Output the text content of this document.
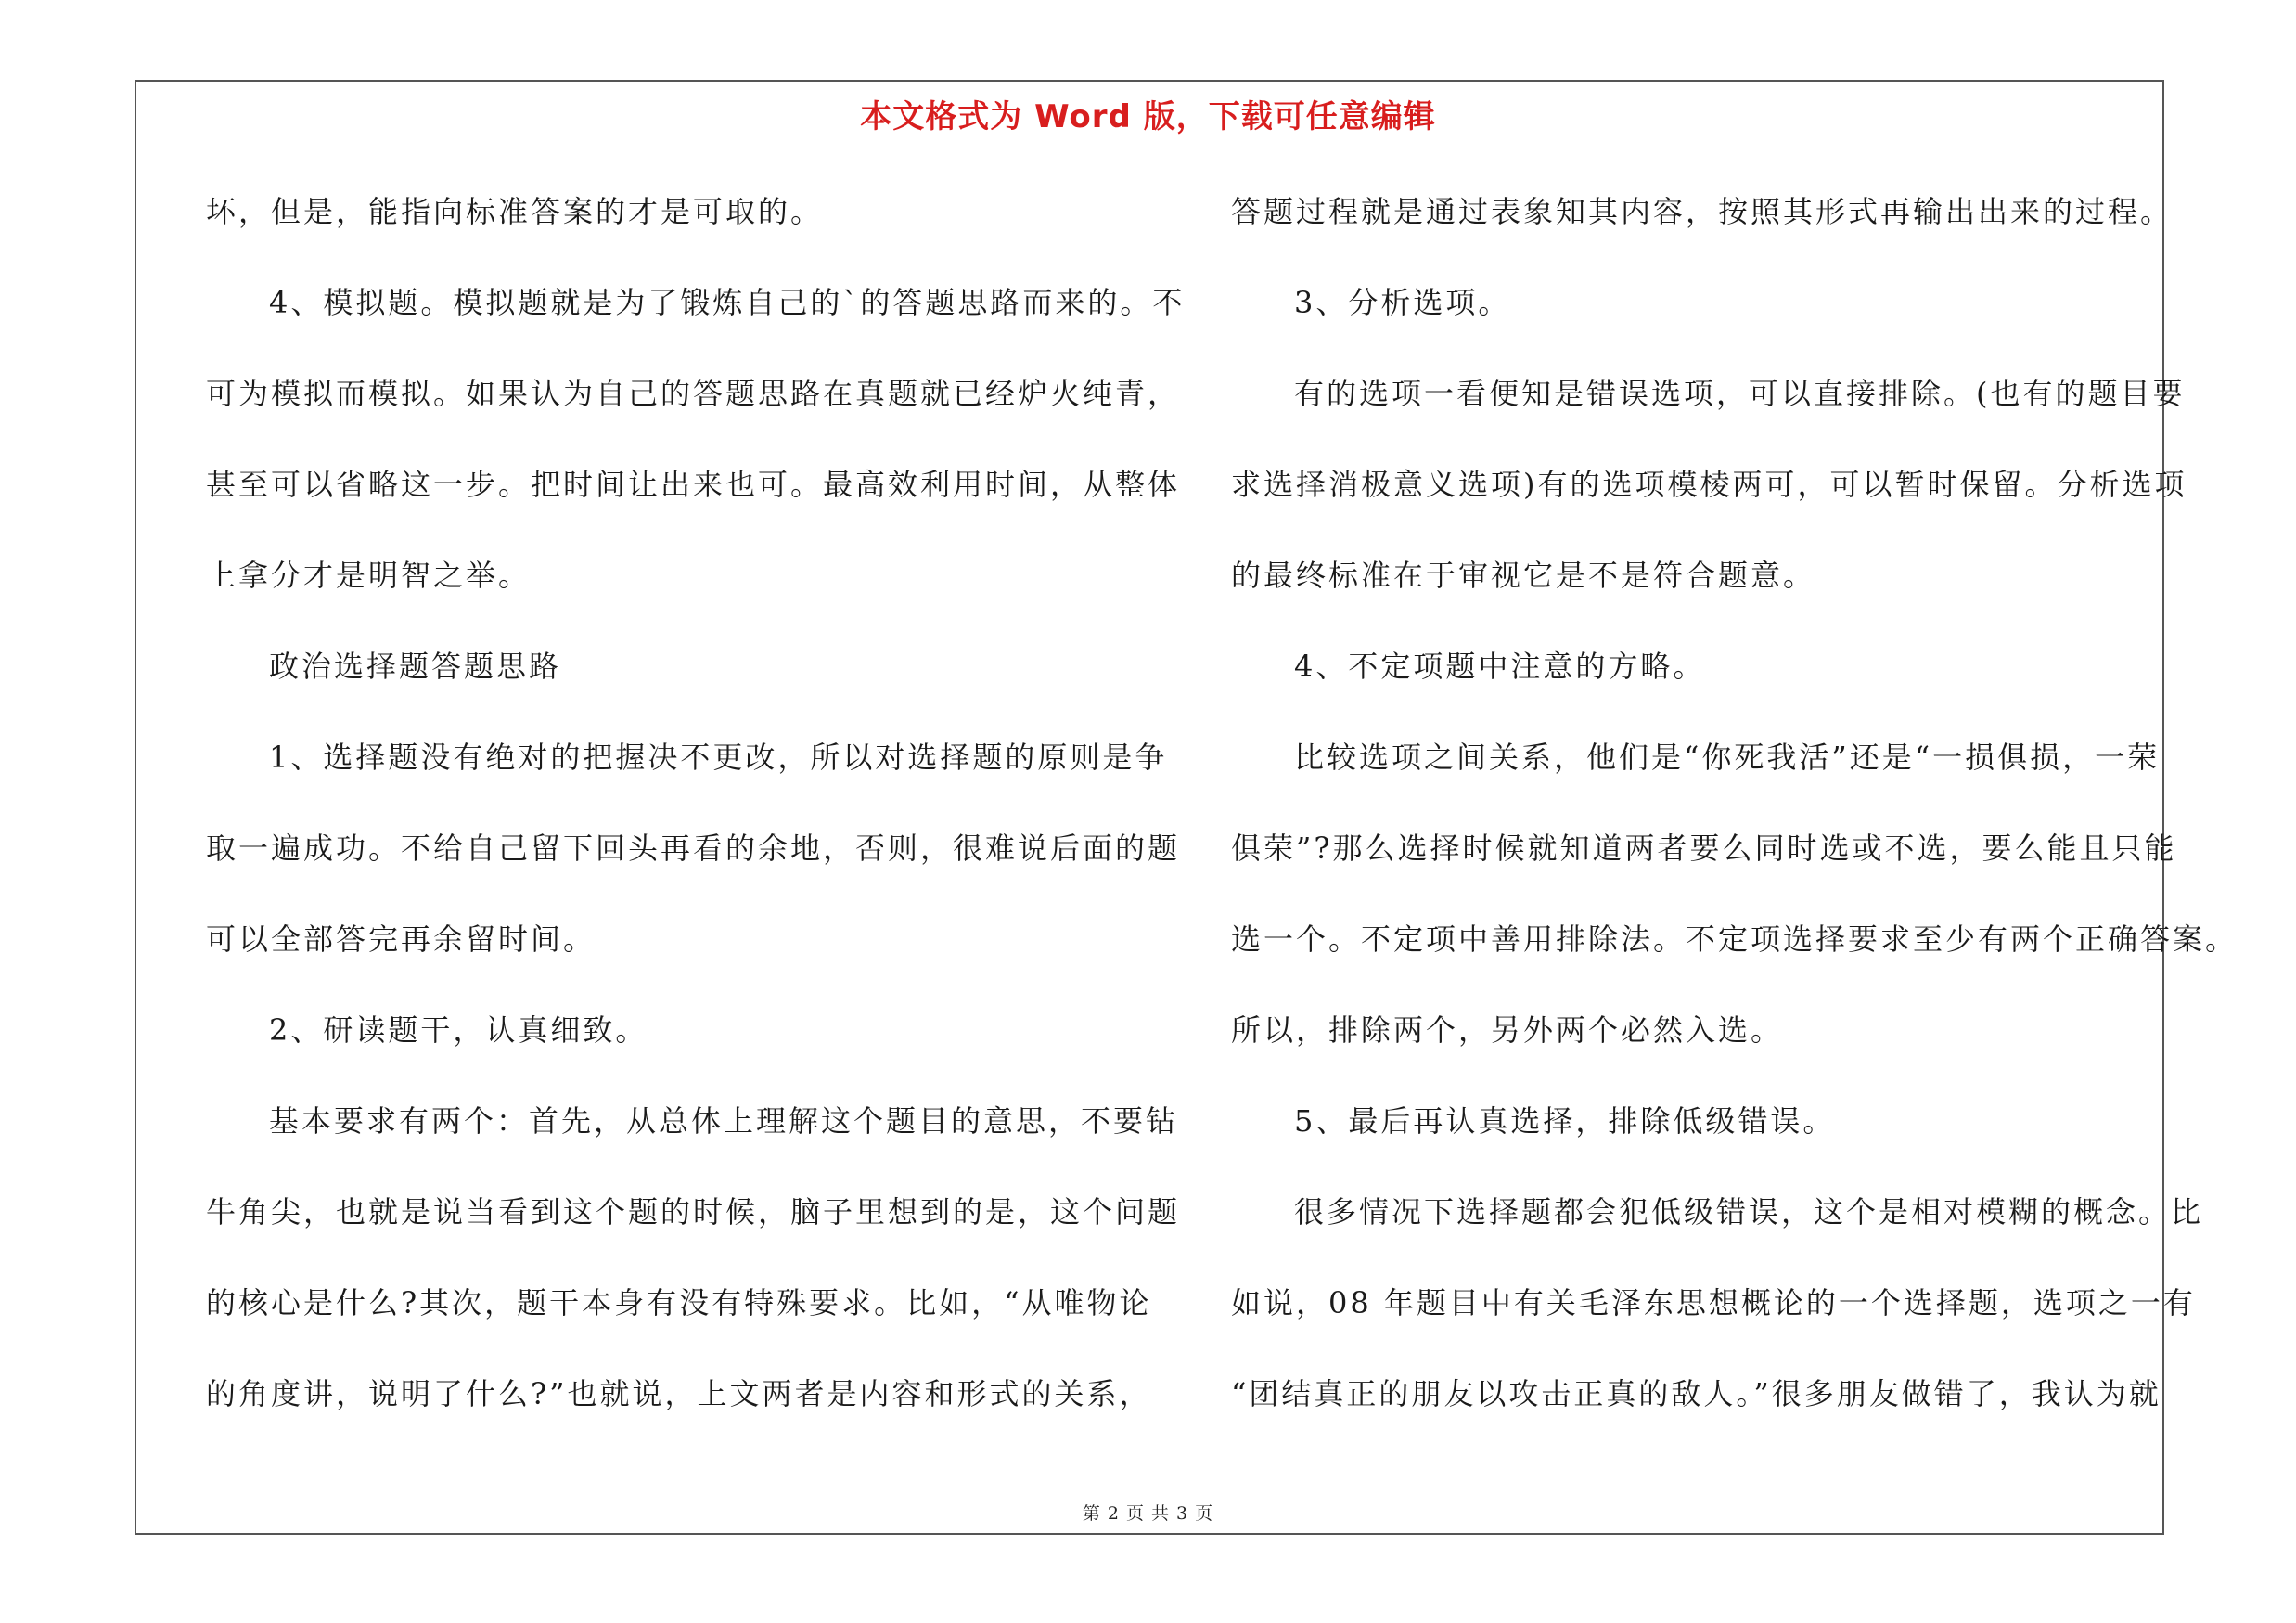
本文格式为 Word 版，下载可任意编辑
坏，但是，能指向标准答案的才是可取的。
4、模拟题。模拟题就是为了锻炼自己的`的答题思路而来的。不
可为模拟而模拟。如果认为自己的答题思路在真题就已经炉火纯青，
甚至可以省略这一步。把时间让出来也可。最高效利用时间，从整体
上拿分才是明智之举。
政治选择题答题思路
1、选择题没有绝对的把握决不更改，所以对选择题的原则是争
取一遍成功。不给自己留下回头再看的余地，否则，很难说后面的题
可以全部答完再余留时间。
2、研读题干，认真细致。
基本要求有两个：首先，从总体上理解这个题目的意思，不要钻
牛角尖，也就是说当看到这个题的时候，脑子里想到的是，这个问题
的核心是什么?其次，题干本身有没有特殊要求。比如，“从唯物论
的角度讲，说明了什么?”也就说，上文两者是内容和形式的关系，
答题过程就是通过表象知其内容，按照其形式再输出出来的过程。
3、分析选项。
有的选项一看便知是错误选项，可以直接排除。(也有的题目要
求选择消极意义选项)有的选项模棱两可，可以暂时保留。分析选项
的最终标准在于审视它是不是符合题意。
4、不定项题中注意的方略。
比较选项之间关系，他们是“你死我活”还是“一损俱损，一荣
俱荣”?那么选择时候就知道两者要么同时选或不选，要么能且只能
选一个。不定项中善用排除法。不定项选择要求至少有两个正确答案。
所以，排除两个，另外两个必然入选。
5、最后再认真选择，排除低级错误。
很多情况下选择题都会犯低级错误，这个是相对模糊的概念。比
如说，08 年题目中有关毛泽东思想概论的一个选择题，选项之一有
“团结真正的朋友以攻击正真的敌人。”很多朋友做错了，我认为就
第 2 页 共 3 页
